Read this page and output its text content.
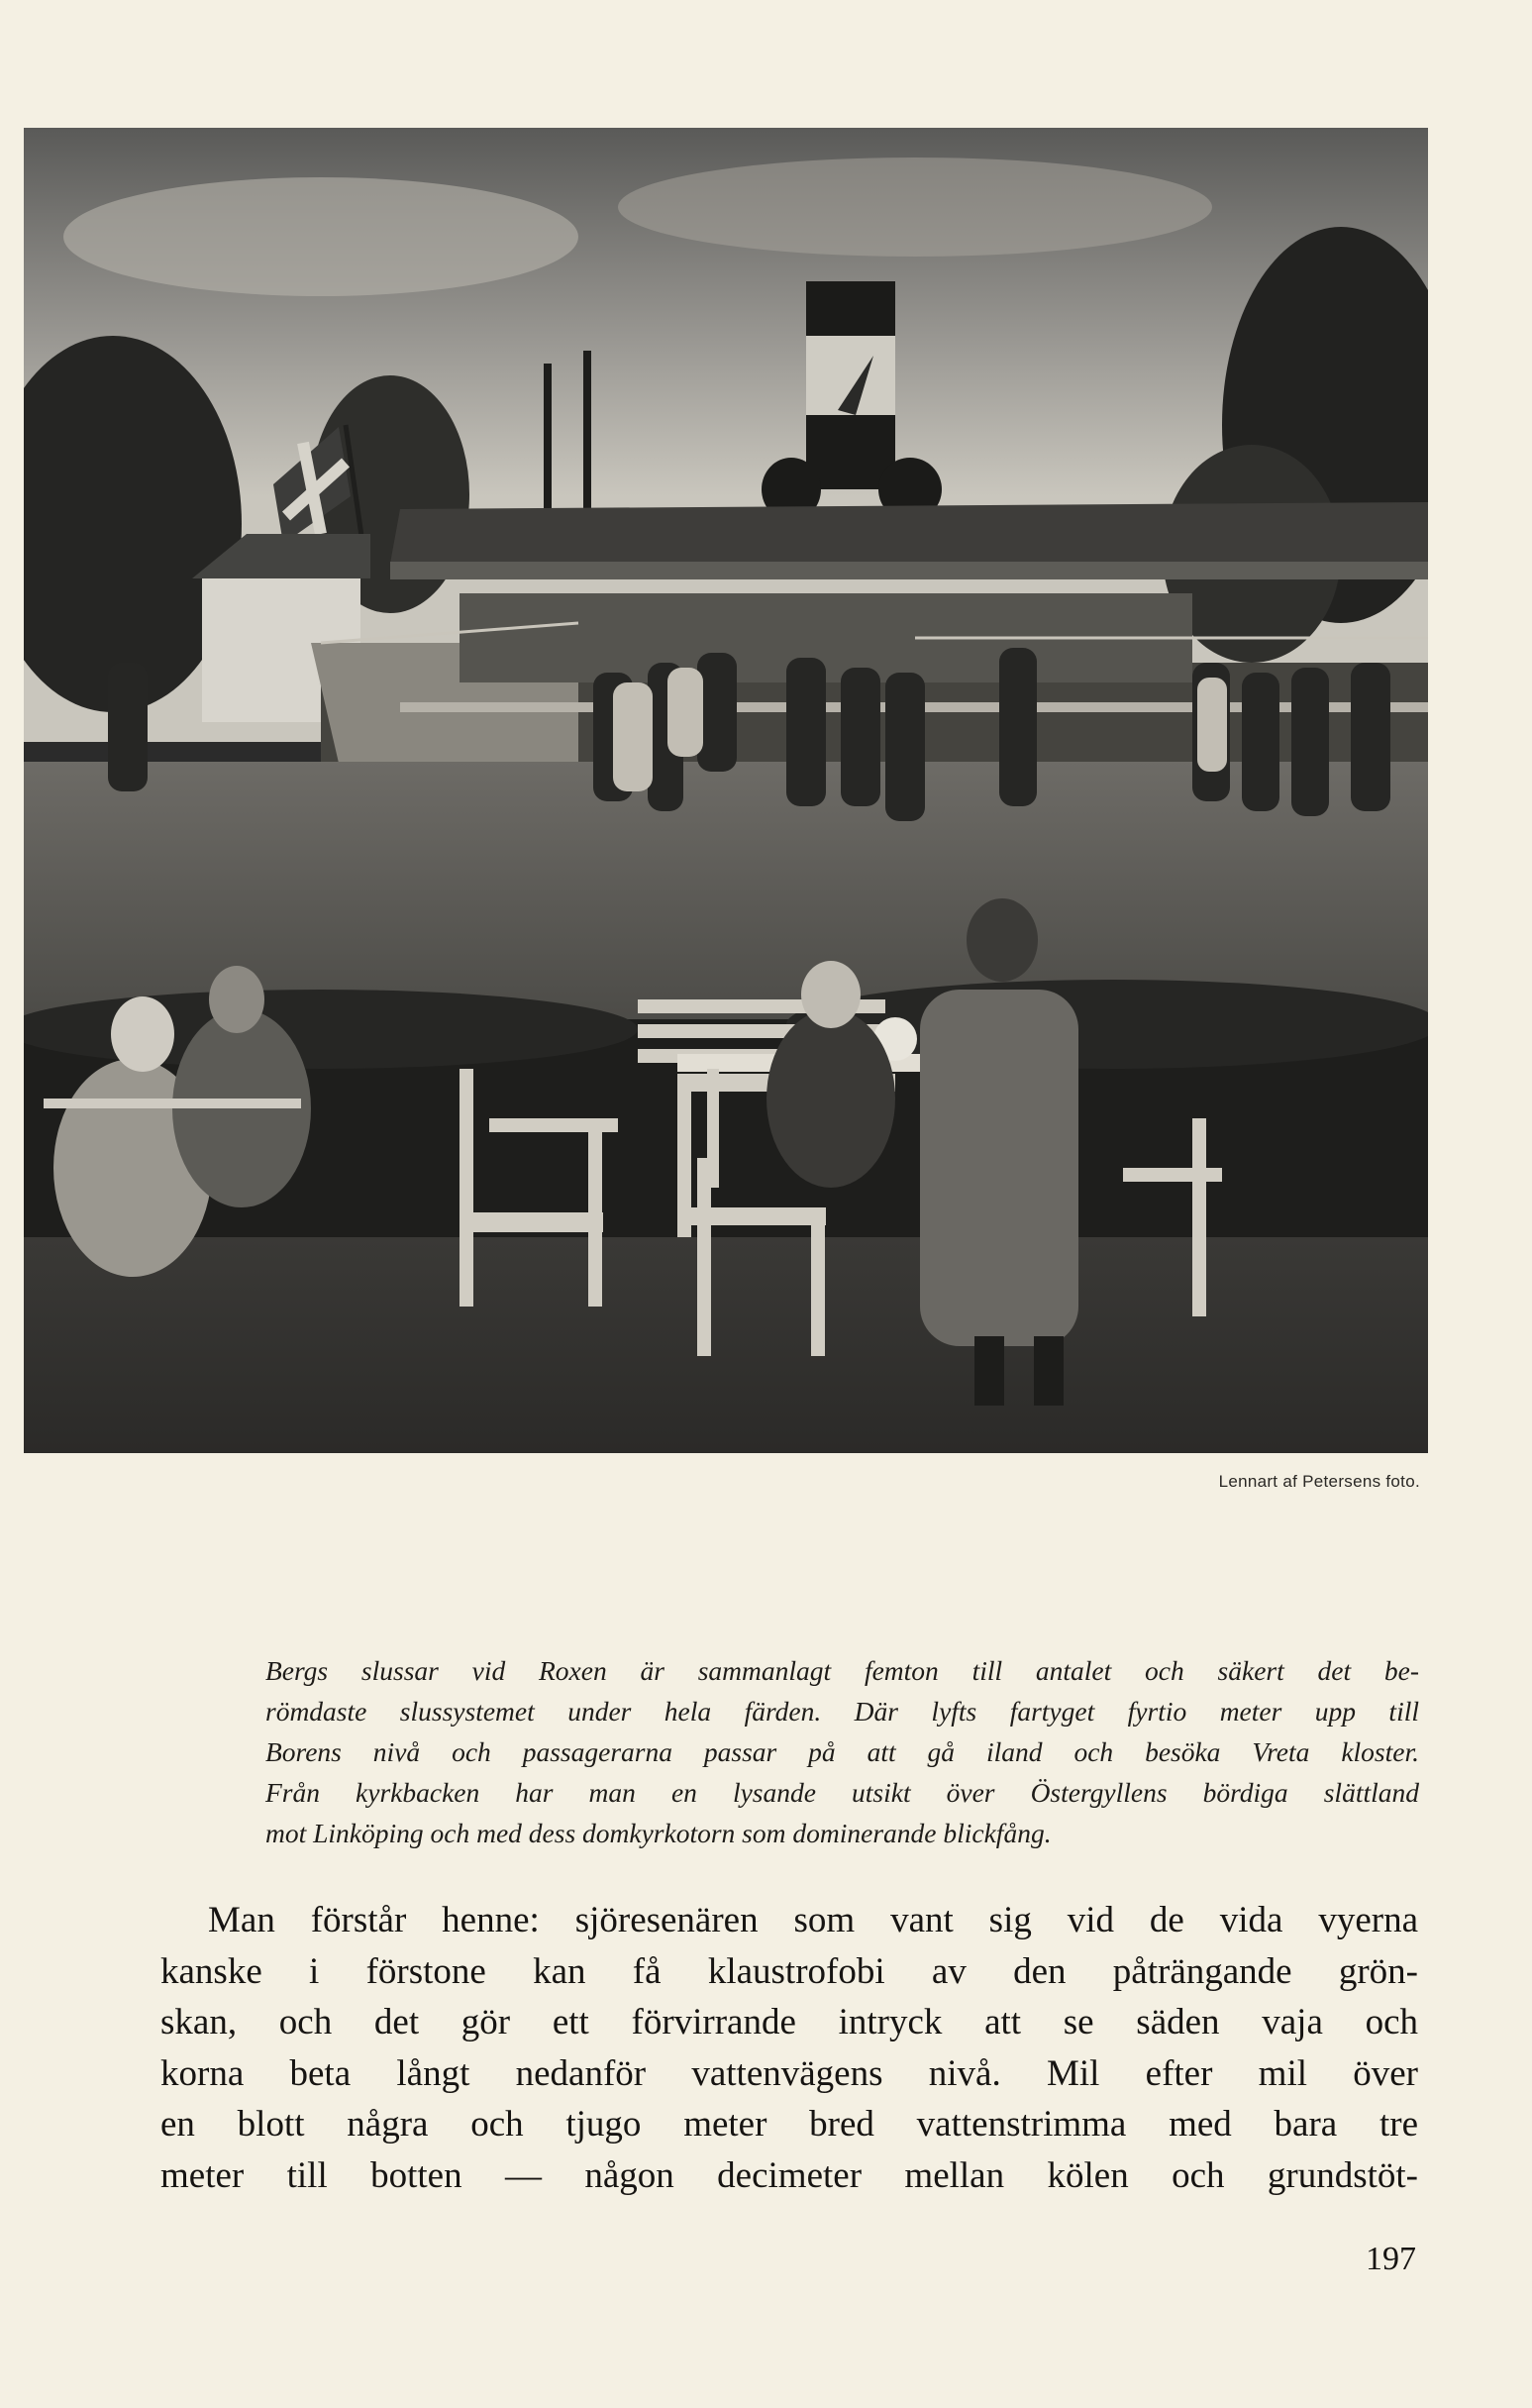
Lennart af Petersens foto.
Bergs slussar vid Roxen är sammanlagt femton till antalet och säkert det be-
römdaste slussystemet under hela färden. Där lyfts fartyget fyrtio meter upp till
Borens nivå och passagerarna passar på att gå iland och besöka Vreta kloster.
Från kyrkbacken har man en lysande utsikt över Östergyllens bördiga slättland
mot Linköping och med dess domkyrkotorn som dominerande blickfång.
Man förstår henne: sjöresenären som vant sig vid de vida vyerna
kanske i förstone kan få klaustrofobi av den påträngande grön-
skan, och det gör ett förvirrande intryck att se säden vaja och
korna beta långt nedanför vattenvägens nivå. Mil efter mil över
en blott några och tjugo meter bred vattenstrimma med bara tre
meter till botten — någon decimeter mellan kölen och grundstöt-
197
